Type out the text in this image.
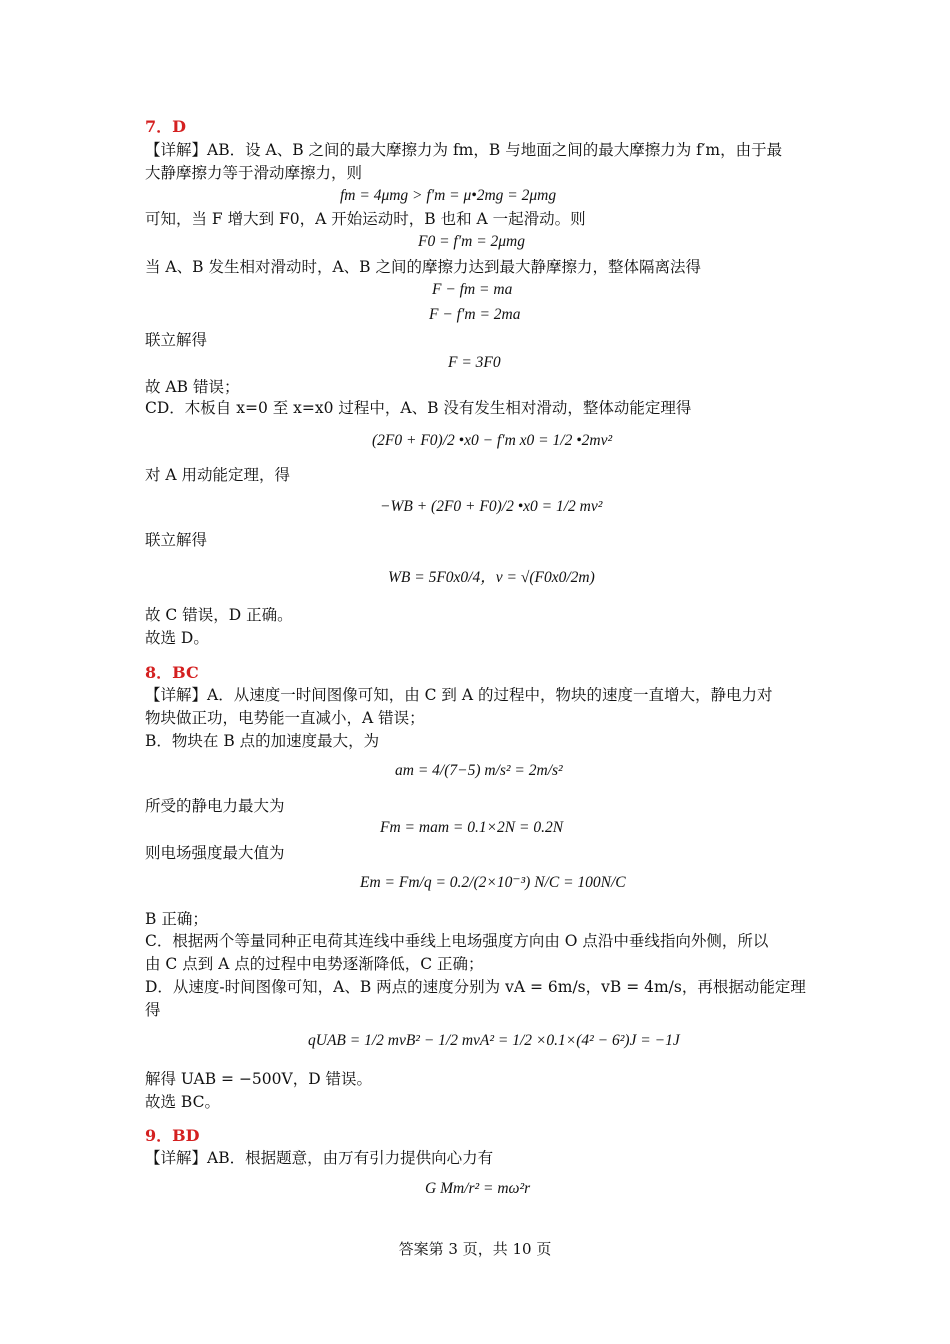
7．D
【详解】AB．设 A、B 之间的最大摩擦力为 fm，B 与地面之间的最大摩擦力为 f′m，由于最
大静摩擦力等于滑动摩擦力，则
fm = 4μmg > f′m = μ•2mg = 2μmg
可知，当 F 增大到 F0，A 开始运动时，B 也和 A 一起滑动。则
F0 = f′m = 2μmg
当 A、B 发生相对滑动时，A、B 之间的摩擦力达到最大静摩擦力，整体隔离法得
F − fm = ma
F − f′m = 2ma
联立解得
F = 3F0
故 AB 错误；
CD．木板自 x=0 至 x=x0 过程中，A、B 没有发生相对滑动，整体动能定理得
(2F0 + F0)/2 •x0 − f′m x0 = 1/2 •2mv²
对 A 用动能定理，得
−WB + (2F0 + F0)/2 •x0 = 1/2 mv²
联立解得
WB = 5F0x0/4，v = √(F0x0/2m)
故 C 错误，D 正确。
故选 D。
8．BC
【详解】A．从速度一时间图像可知，由 C 到 A 的过程中，物块的速度一直增大，静电力对
物块做正功，电势能一直减小，A 错误；
B．物块在 B 点的加速度最大，为
am = 4/(7−5) m/s² = 2m/s²
所受的静电力最大为
Fm = mam = 0.1×2N = 0.2N
则电场强度最大值为
Em = Fm/q = 0.2/(2×10⁻³) N/C = 100N/C
B 正确；
C．根据两个等量同种正电荷其连线中垂线上电场强度方向由 O 点沿中垂线指向外侧，所以
由 C 点到 A 点的过程中电势逐渐降低，C 正确；
D．从速度-时间图像可知，A、B 两点的速度分别为 vA = 6m/s，vB = 4m/s，再根据动能定理
得
qUAB = 1/2 mvB² − 1/2 mvA² = 1/2 ×0.1×(4² − 6²)J = −1J
解得 UAB = −500V，D 错误。
故选 BC。
9．BD
【详解】AB．根据题意，由万有引力提供向心力有
G Mm/r² = mω²r
答案第 3 页，共 10 页
